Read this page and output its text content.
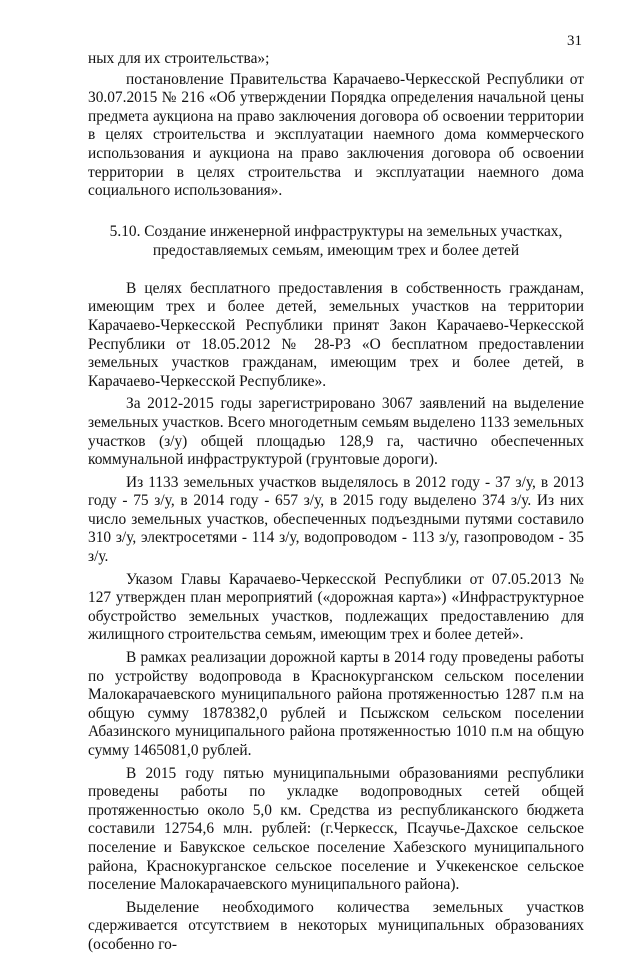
31

ных для их строительства»;

постановление Правительства Карачаево-Черкесской Республики от 30.07.2015 № 216 «Об утверждении Порядка определения начальной цены предмета аукциона на право заключения договора об освоении территории в целях строительства и эксплуатации наемного дома коммерческого использования и аукциона на право заключения договора об освоении территории в целях строительства и эксплуатации наемного дома социального использования».

5.10. Создание инженерной инфраструктуры на земельных участках,
предоставляемых семьям, имеющим трех и более детей

В целях бесплатного предоставления в собственность гражданам, имеющим трех и более детей, земельных участков на территории Карачаево-Черкесской Республики принят Закон Карачаево-Черкесской Республики от 18.05.2012 № 28-РЗ «О бесплатном предоставлении земельных участков гражданам, имеющим трех и более детей, в Карачаево-Черкесской Республике».

За 2012-2015 годы зарегистрировано 3067 заявлений на выделение земельных участков. Всего многодетным семьям выделено 1133 земельных участков (з/у) общей площадью 128,9 га, частично обеспеченных коммунальной инфраструктурой (грунтовые дороги).

Из 1133 земельных участков выделялось в 2012 году - 37 з/у, в 2013 году - 75 з/у, в 2014 году - 657 з/у, в 2015 году выделено 374 з/у. Из них число земельных участков, обеспеченных подъездными путями составило 310 з/у, электросетями - 114 з/у, водопроводом - 113 з/у, газопроводом - 35 з/у.

Указом Главы Карачаево-Черкесской Республики от 07.05.2013 № 127 утвержден план мероприятий («дорожная карта») «Инфраструктурное обустройство земельных участков, подлежащих предоставлению для жилищного строительства семьям, имеющим трех и более детей».

В рамках реализации дорожной карты в 2014 году проведены работы по устройству водопровода в Краснокурганском сельском поселении Малокарачаевского муниципального района протяженностью 1287 п.м на общую сумму 1878382,0 рублей и Псыжском сельском поселении Абазинского муниципального района протяженностью 1010 п.м на общую сумму 1465081,0 рублей.

В 2015 году пятью муниципальными образованиями республики проведены работы по укладке водопроводных сетей общей протяженностью около 5,0 км. Средства из республиканского бюджета составили 12754,6 млн. рублей: (г.Черкесск, Псаучье-Дахское сельское поселение и Бавукское сельское поселение Хабезского муниципального района, Краснокурганское сельское поселение и Учкекенское сельское поселение Малокарачаевского муниципального района).

Выделение необходимого количества земельных участков сдерживается отсутствием в некоторых муниципальных образованиях (особенно го-
